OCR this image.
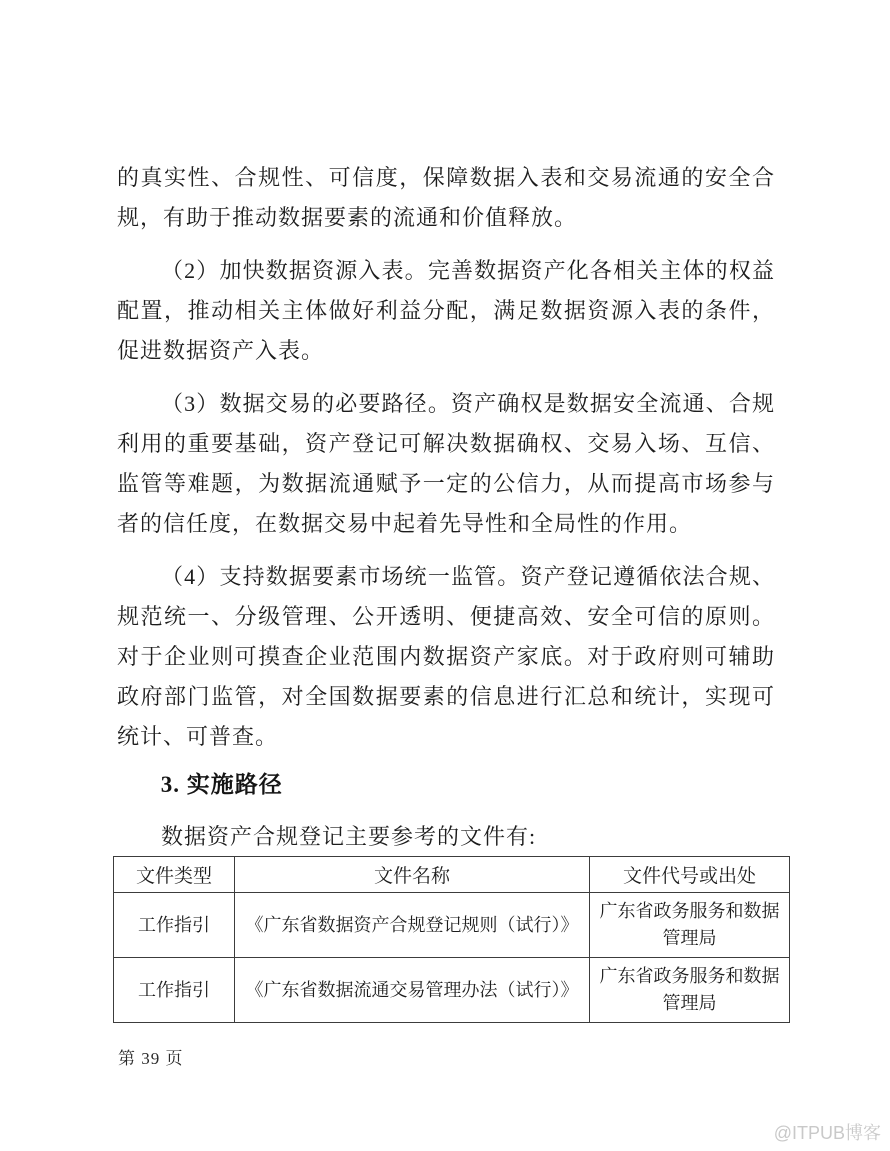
的真实性、合规性、可信度，保障数据入表和交易流通的安全合规，有助于推动数据要素的流通和价值释放。

（2）加快数据资源入表。完善数据资产化各相关主体的权益配置，推动相关主体做好利益分配，满足数据资源入表的条件，促进数据资产入表。

（3）数据交易的必要路径。资产确权是数据安全流通、合规利用的重要基础，资产登记可解决数据确权、交易入场、互信、监管等难题，为数据流通赋予一定的公信力，从而提高市场参与者的信任度，在数据交易中起着先导性和全局性的作用。

（4）支持数据要素市场统一监管。资产登记遵循依法合规、规范统一、分级管理、公开透明、便捷高效、安全可信的原则。对于企业则可摸查企业范围内数据资产家底。对于政府则可辅助政府部门监管，对全国数据要素的信息进行汇总和统计，实现可统计、可普查。

3. 实施路径

数据资产合规登记主要参考的文件有:

文件类型	文件名称	文件代号或出处
工作指引	《广东省数据资产合规登记规则（试行）》	广东省政务服务和数据管理局
工作指引	《广东省数据流通交易管理办法（试行）》	广东省政务服务和数据管理局
第 39 页
@ITPUB博客
